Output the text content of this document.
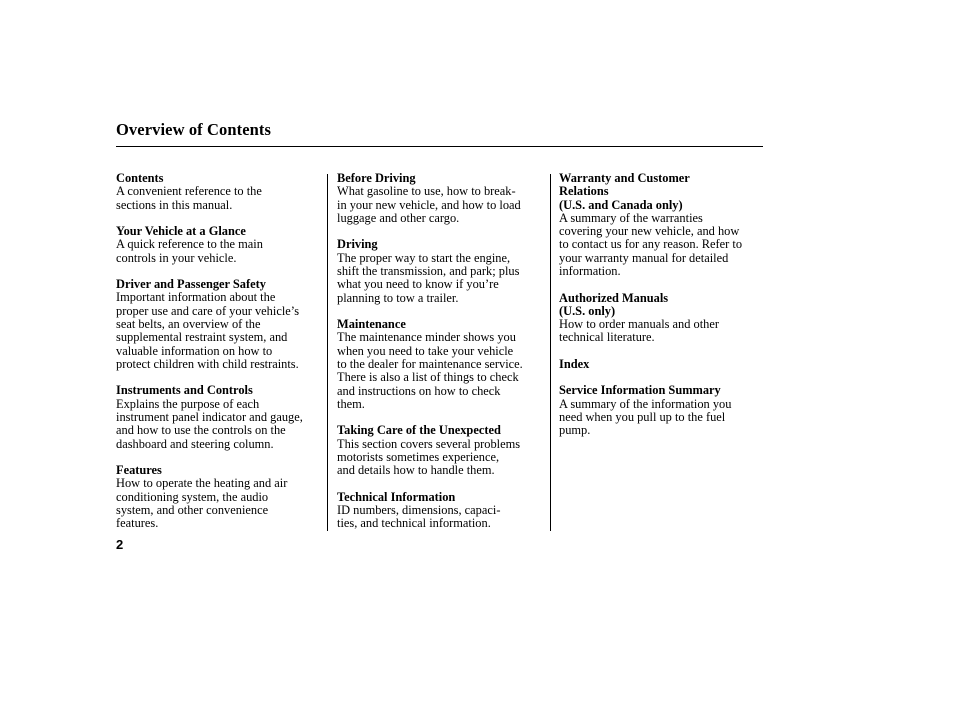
Overview of Contents
Contents
A convenient reference to the
sections in this manual.
Your Vehicle at a Glance
A quick reference to the main
controls in your vehicle.
Driver and Passenger Safety
Important information about the
proper use and care of your vehicle’s
seat belts, an overview of the
supplemental restraint system, and
valuable information on how to
protect children with child restraints.
Instruments and Controls
Explains the purpose of each
instrument panel indicator and gauge,
and how to use the controls on the
dashboard and steering column.
Features
How to operate the heating and air
conditioning system, the audio
system, and other convenience
features.
Before Driving
What gasoline to use, how to break-
in your new vehicle, and how to load
luggage and other cargo.
Driving
The proper way to start the engine,
shift the transmission, and park; plus
what you need to know if you’re
planning to tow a trailer.
Maintenance
The maintenance minder shows you
when you need to take your vehicle
to the dealer for maintenance service.
There is also a list of things to check
and instructions on how to check
them.
Taking Care of the Unexpected
This section covers several problems
motorists sometimes experience,
and details how to handle them.
Technical Information
ID numbers, dimensions, capaci-
ties, and technical information.
Warranty and Customer
Relations
(U.S. and Canada only)
A summary of the warranties
covering your new vehicle, and how
to contact us for any reason. Refer to
your warranty manual for detailed
information.
Authorized Manuals
(U.S. only)
How to order manuals and other
technical literature.
Index
Service Information Summary
A summary of the information you
need when you pull up to the fuel
pump.
2
